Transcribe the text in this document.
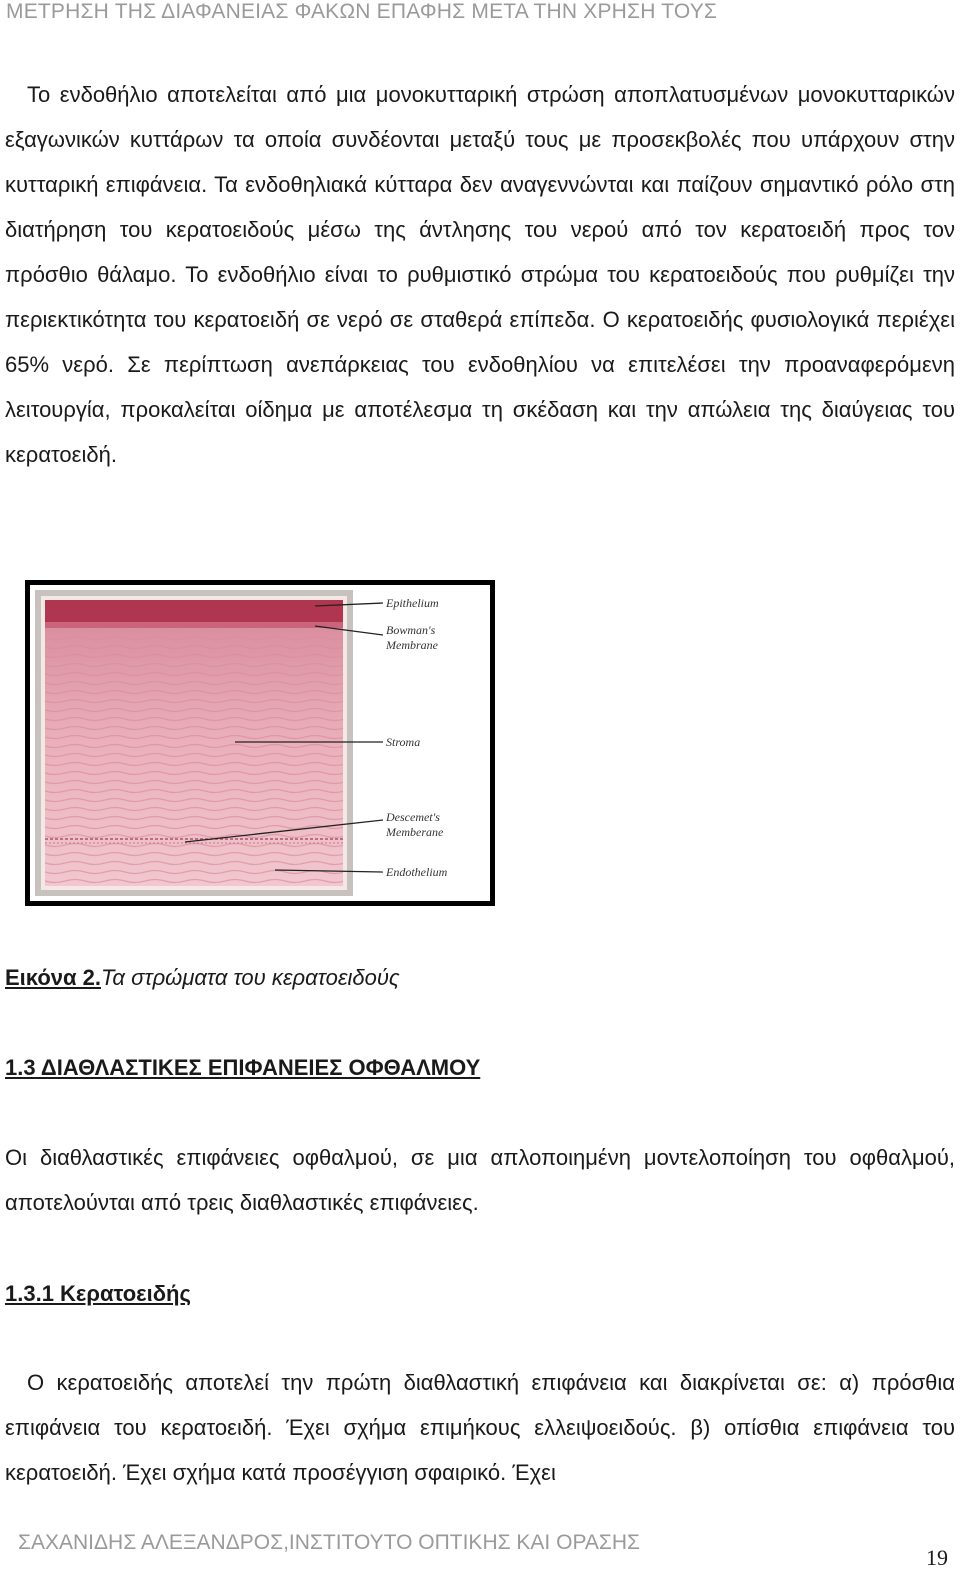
ΜΕΤΡΗΣΗ ΤΗΣ ΔΙΑΦΑΝΕΙΑΣ ΦΑΚΩΝ ΕΠΑΦΗΣ ΜΕΤΑ ΤΗΝ ΧΡΗΣΗ ΤΟΥΣ

Το ενδοθήλιο αποτελείται από μια μονοκυτταρική στρώση αποπλατυσμένων μονοκυτταρικών εξαγωνικών κυττάρων τα οποία συνδέονται μεταξύ τους με προσεκβολές που υπάρχουν στην κυτταρική επιφάνεια. Τα ενδοθηλιακά κύτταρα δεν αναγεννώνται και παίζουν σημαντικό ρόλο στη διατήρηση του κερατοειδούς μέσω της άντλησης του νερού από τον κερατοειδή προς τον πρόσθιο θάλαμο. Το ενδοθήλιο είναι το ρυθμιστικό στρώμα του κερατοειδούς που ρυθμίζει την περιεκτικότητα του κερατοειδή σε νερό σε σταθερά επίπεδα. Ο κερατοειδής φυσιολογικά περιέχει 65% νερό. Σε περίπτωση ανεπάρκειας του ενδοθηλίου να επιτελέσει την προαναφερόμενη λειτουργία, προκαλείται οίδημα με αποτέλεσμα τη σκέδαση και την απώλεια της διαύγειας του κερατοειδή.

Epithelium
Bowman's
Membrane
Stroma
Descemet's
Memberane
Endothelium
Εικόνα 2.Τα στρώματα του κερατοειδούς
1.3 ΔΙΑΘΛΑΣΤΙΚΕΣ ΕΠΙΦΑΝΕΙΕΣ ΟΦΘΑΛΜΟΥ

Οι διαθλαστικές επιφάνειες οφθαλμού, σε μια απλοποιημένη μοντελοποίηση του οφθαλμού, αποτελούνται από τρεις διαθλαστικές επιφάνειες.

1.3.1 Κερατοειδής

Ο κερατοειδής αποτελεί την πρώτη διαθλαστική επιφάνεια και διακρίνεται σε: α) πρόσθια επιφάνεια του κερατοειδή. Έχει σχήμα επιμήκους ελλειψοειδούς. β) οπίσθια επιφάνεια του κερατοειδή. Έχει σχήμα κατά προσέγγιση σφαιρικό. Έχει

ΣΑΧΑΝΙΔΗΣ ΑΛΕΞΑΝΔΡΟΣ,ΙΝΣΤΙΤΟΥΤΟ ΟΠΤΙΚΗΣ ΚΑΙ ΟΡΑΣΗΣ
19
